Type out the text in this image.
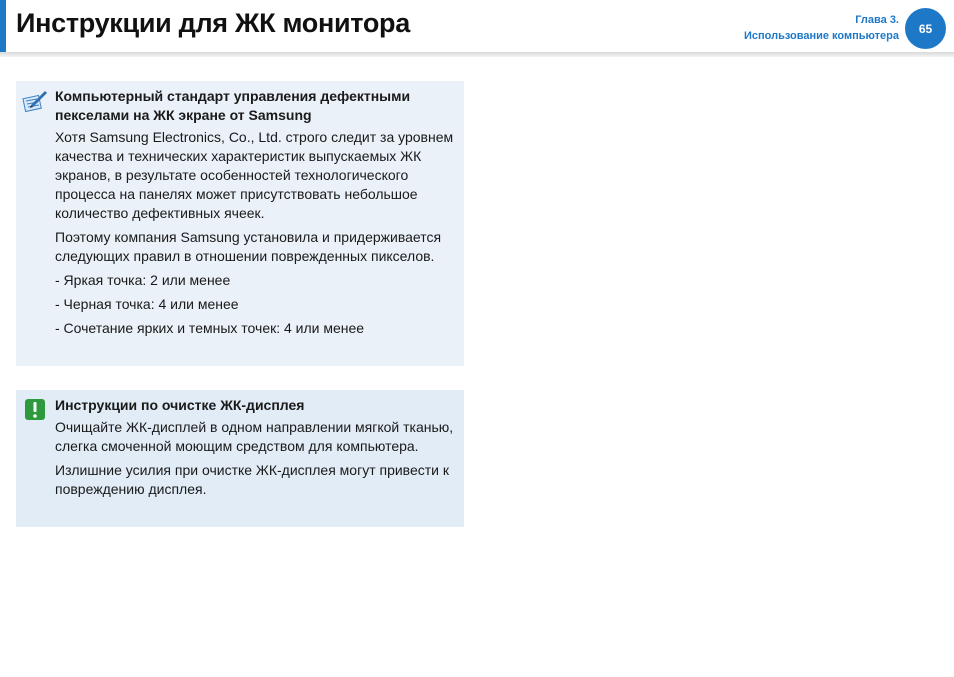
Инструкции для ЖК монитора	Глава 3.
Использование компьютера
65

Компьютерный стандарт управления дефектными пекселами на ЖК экране от Samsung

Хотя Samsung Electronics, Co., Ltd. строго следит за уровнем качества и технических характеристик выпускаемых ЖК экранов, в результате особенностей технологического процесса на панелях может присутствовать небольшое количество дефективных ячеек.

Поэтому компания Samsung установила и придерживается следующих правил в отношении поврежденных пикселов.

- Яркая точка: 2 или менее

- Черная точка: 4 или менее

- Сочетание ярких и темных точек: 4 или менее

Инструкции по очистке ЖК-дисплея

Очищайте ЖК-дисплей в одном направлении мягкой тканью, слегка смоченной моющим средством для компьютера.

Излишние усилия при очистке ЖК-дисплея могут привести к повреждению дисплея.
